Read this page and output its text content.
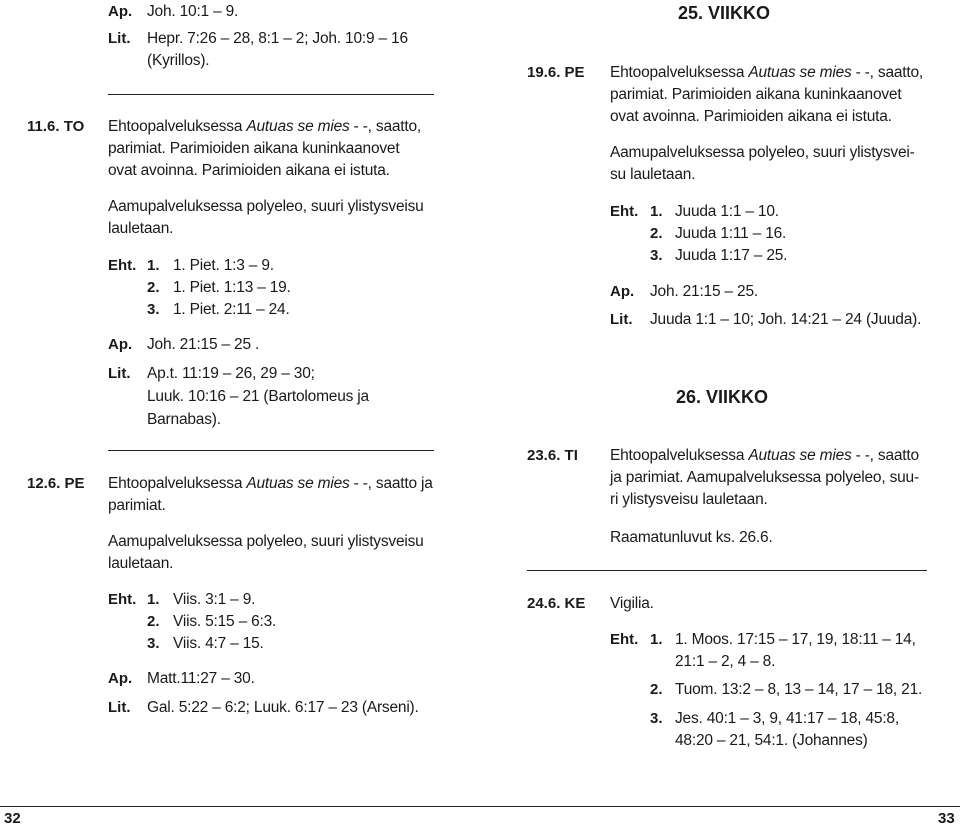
Ap. Joh. 10:1 – 9.
Lit. Hepr. 7:26 – 28, 8:1 – 2; Joh. 10:9 – 16
(Kyrillos).
11.6. TO Ehtoopalveluksessa Autuas se mies - -, saatto,
parimiat. Parimioiden aikana kuninkaanovet
ovat avoinna. Parimioiden aikana ei istuta.
Aamupalveluksessa polyeleo, suuri ylistysveisu
lauletaan.
Eht. 1. 1. Piet. 1:3 – 9.
2. 1. Piet. 1:13 – 19.
3. 1. Piet. 2:11 – 24.
Ap. Joh. 21:15 – 25 .
Lit. Ap.t. 11:19 – 26, 29 – 30;
Luuk. 10:16 – 21 (Bartolomeus ja
Barnabas).
12.6. PE Ehtoopalveluksessa Autuas se mies - -, saatto ja
parimiat.
Aamupalveluksessa polyeleo, suuri ylistysveisu
lauletaan.
Eht. 1. Viis. 3:1 – 9.
2. Viis. 5:15 – 6:3.
3. Viis. 4:7 – 15.
Ap. Matt.11:27 – 30.
Lit. Gal. 5:22 – 6:2; Luuk. 6:17 – 23 (Arseni).
32
25. VIIKKO
19.6. PE Ehtoopalveluksessa Autuas se mies - -, saatto,
parimiat. Parimioiden aikana kuninkaanovet
ovat avoinna. Parimioiden aikana ei istuta.
Aamupalveluksessa polyeleo, suuri ylistysvei-
su lauletaan.
Eht. 1. Juuda 1:1 – 10.
2. Juuda 1:11 – 16.
3. Juuda 1:17 – 25.
Ap. Joh. 21:15 – 25.
Lit. Juuda 1:1 – 10; Joh. 14:21 – 24 (Juuda).
26. VIIKKO
23.6. TI Ehtoopalveluksessa Autuas se mies - -, saatto
ja parimiat. Aamupalveluksessa polyeleo, suu-
ri ylistysveisu lauletaan.
Raamatunluvut ks. 26.6.
24.6. KE Vigilia.
Eht. 1. 1. Moos. 17:15 – 17, 19, 18:11 – 14,
21:1 – 2, 4 – 8.
2. Tuom. 13:2 – 8, 13 – 14, 17 – 18, 21.
3. Jes. 40:1 – 3, 9, 41:17 – 18, 45:8,
48:20 – 21, 54:1. (Johannes)
33
